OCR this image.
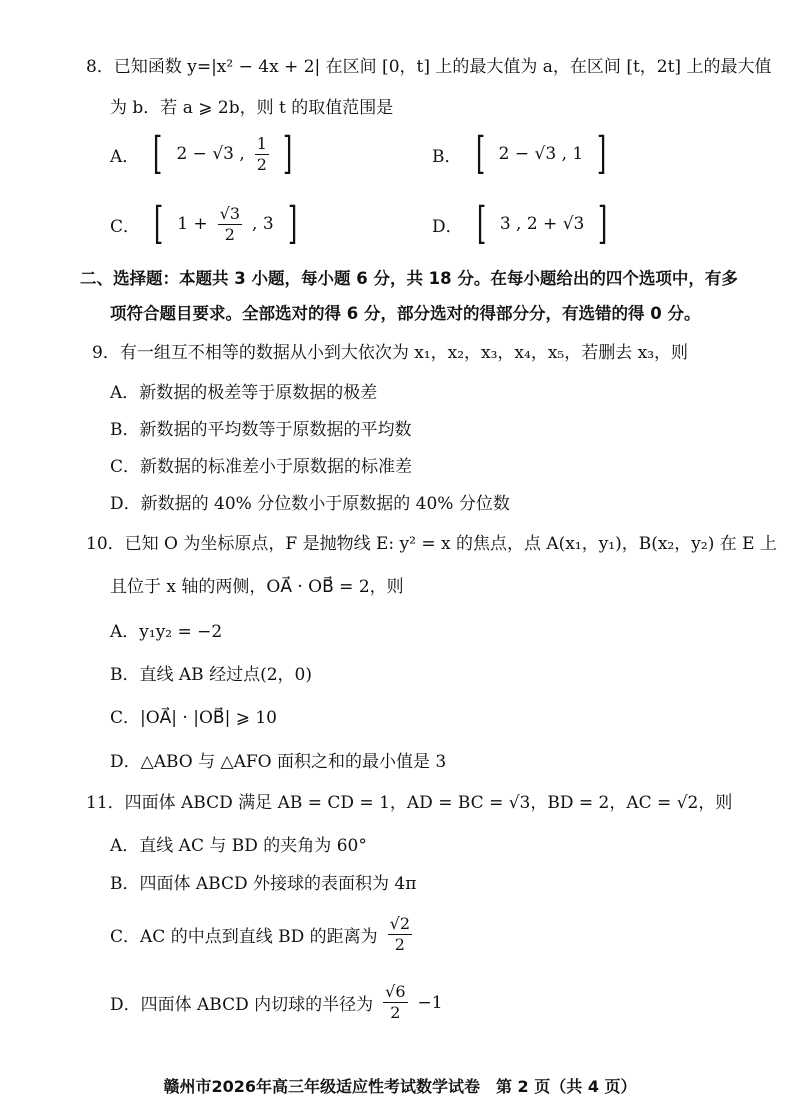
8．已知函数 y=|x² − 4x + 2| 在区间 [0，t] 上的最大值为 a，在区间 [t，2t] 上的最大值
为 b．若 a ⩾ 2b，则 t 的取值范围是
A． [ 2 − √3 , $\frac{1}{2}$ ]	B． [ 2 − √3 , 1 ]
C． [ $1 + \frac{√3}{2}$ , 3 ]	D． [ 3 , 2 + √3 ]
二、选择题：本题共 3 小题，每小题 6 分，共 18 分。在每小题给出的四个选项中，有多
项符合题目要求。全部选对的得 6 分，部分选对的得部分分，有选错的得 0 分。
9．有一组互不相等的数据从小到大依次为 x₁，x₂，x₃，x₄，x₅，若删去 x₃，则
A．新数据的极差等于原数据的极差
B．新数据的平均数等于原数据的平均数
C．新数据的标准差小于原数据的标准差
D．新数据的 40% 分位数小于原数据的 40% 分位数
10．已知 O 为坐标原点，F 是抛物线 E: y² = x 的焦点，点 A(x₁，y₁)，B(x₂，y₂) 在 E 上
且位于 x 轴的两侧，OA⃗ · OB⃗ = 2，则
A．y₁y₂ = −2
B．直线 AB 经过点(2，0)
C．|OA⃗| · |OB⃗| ⩾ 10
D．△ABO 与 △AFO 面积之和的最小值是 3
11．四面体 ABCD 满足 AB = CD = 1，AD = BC = √3，BD = 2，AC = √2，则
A．直线 AC 与 BD 的夹角为 60°
B．四面体 ABCD 外接球的表面积为 4π
C．AC 的中点到直线 BD 的距离为 $\frac{√2}{2}$
D．四面体 ABCD 内切球的半径为 $\frac{√6}{2} -1$
赣州市2026年高三年级适应性考试数学试卷　第 2 页（共 4 页）
